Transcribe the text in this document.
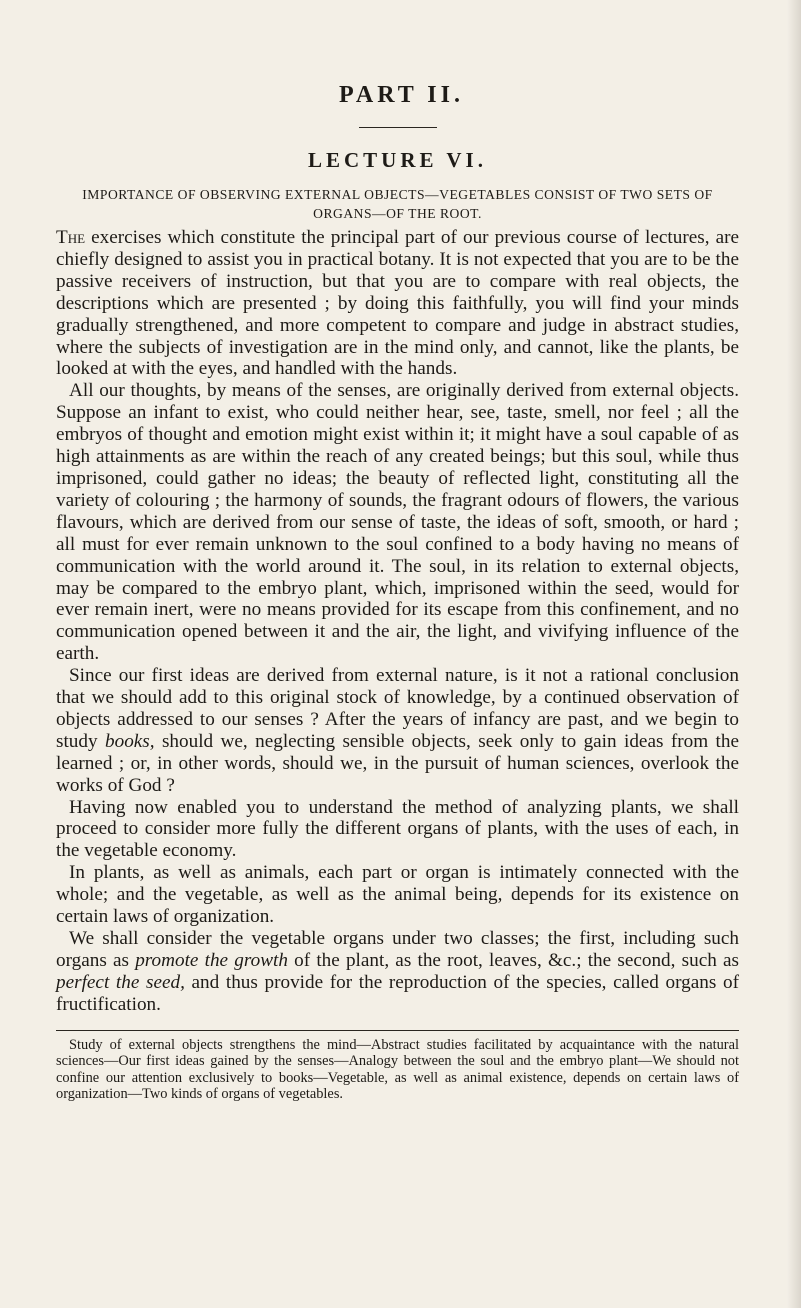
PART II.
LECTURE VI.
IMPORTANCE OF OBSERVING EXTERNAL OBJECTS—VEGETABLES CONSIST OF TWO SETS OF ORGANS—OF THE ROOT.

The exercises which constitute the principal part of our previous course of lectures, are chiefly designed to assist you in practical botany. It is not expected that you are to be the passive receivers of instruction, but that you are to compare with real objects, the descriptions which are presented ; by doing this faithfully, you will find your minds gradually strengthened, and more competent to compare and judge in abstract studies, where the subjects of investigation are in the mind only, and cannot, like the plants, be looked at with the eyes, and handled with the hands.

All our thoughts, by means of the senses, are originally derived from external objects. Suppose an infant to exist, who could neither hear, see, taste, smell, nor feel ; all the embryos of thought and emotion might exist within it; it might have a soul capable of as high attainments as are within the reach of any created beings; but this soul, while thus imprisoned, could gather no ideas; the beauty of reflected light, constituting all the variety of colouring ; the harmony of sounds, the fragrant odours of flowers, the various flavours, which are derived from our sense of taste, the ideas of soft, smooth, or hard ; all must for ever remain unknown to the soul confined to a body having no means of communication with the world around it. The soul, in its relation to external objects, may be compared to the embryo plant, which, imprisoned within the seed, would for ever remain inert, were no means provided for its escape from this confinement, and no communication opened between it and the air, the light, and vivifying influence of the earth.

Since our first ideas are derived from external nature, is it not a rational conclusion that we should add to this original stock of knowledge, by a continued observation of objects addressed to our senses ? After the years of infancy are past, and we begin to study books, should we, neglecting sensible objects, seek only to gain ideas from the learned ; or, in other words, should we, in the pursuit of human sciences, overlook the works of God ?

Having now enabled you to understand the method of analyzing plants, we shall proceed to consider more fully the different organs of plants, with the uses of each, in the vegetable economy.

In plants, as well as animals, each part or organ is intimately connected with the whole; and the vegetable, as well as the animal being, depends for its existence on certain laws of organization.

We shall consider the vegetable organs under two classes; the first, including such organs as promote the growth of the plant, as the root, leaves, &c.; the second, such as perfect the seed, and thus provide for the reproduction of the species, called organs of fructification.

Study of external objects strengthens the mind—Abstract studies facilitated by acquaintance with the natural sciences—Our first ideas gained by the senses—Analogy between the soul and the embryo plant—We should not confine our attention exclusively to books—Vegetable, as well as animal existence, depends on certain laws of organization—Two kinds of organs of vegetables.
